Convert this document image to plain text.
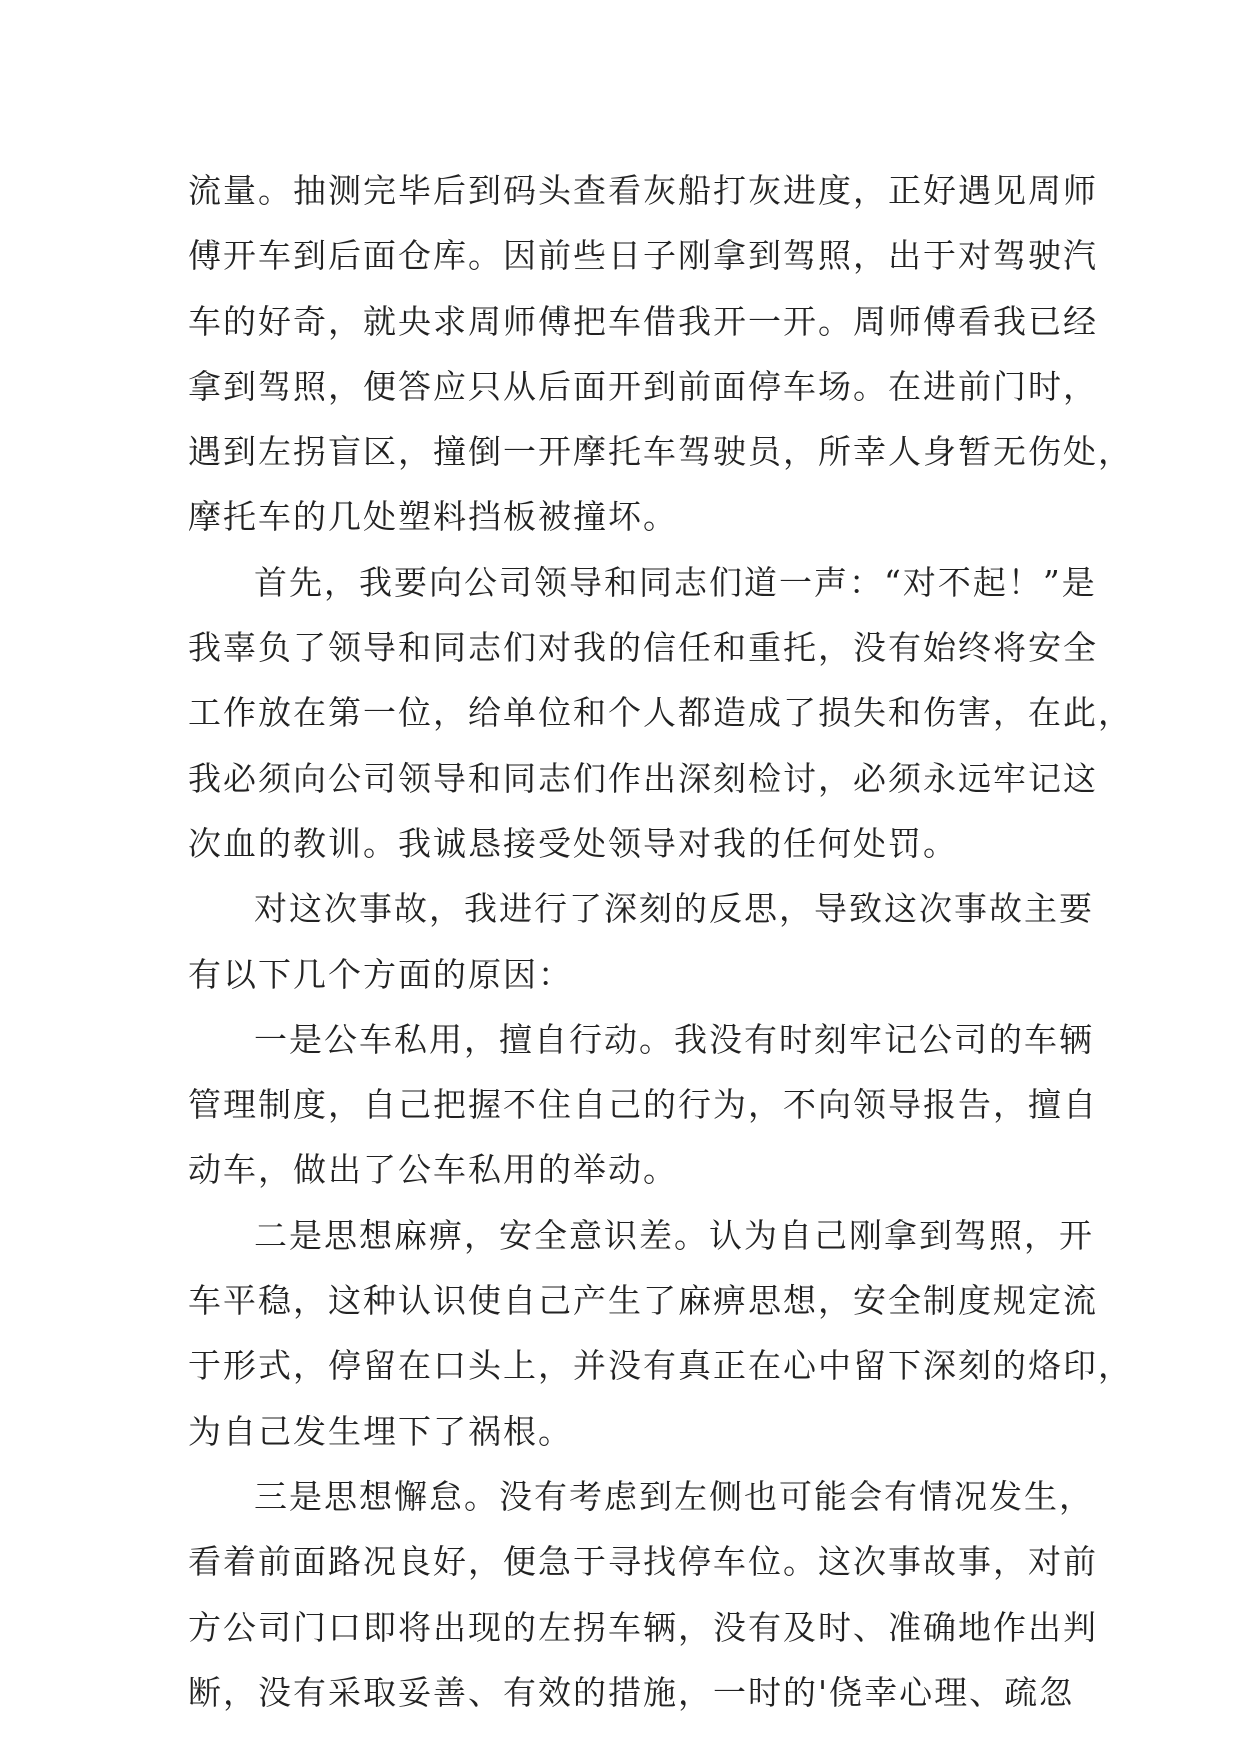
流量。抽测完毕后到码头查看灰船打灰进度，正好遇见周师
傅开车到后面仓库。因前些日子刚拿到驾照，出于对驾驶汽
车的好奇，就央求周师傅把车借我开一开。周师傅看我已经
拿到驾照，便答应只从后面开到前面停车场。在进前门时，
遇到左拐盲区，撞倒一开摩托车驾驶员，所幸人身暂无伤处，
摩托车的几处塑料挡板被撞坏。
首先，我要向公司领导和同志们道一声：“对不起！”是
我辜负了领导和同志们对我的信任和重托，没有始终将安全
工作放在第一位，给单位和个人都造成了损失和伤害，在此，
我必须向公司领导和同志们作出深刻检讨，必须永远牢记这
次血的教训。我诚恳接受处领导对我的任何处罚。
对这次事故，我进行了深刻的反思，导致这次事故主要
有以下几个方面的原因：
一是公车私用，擅自行动。我没有时刻牢记公司的车辆
管理制度，自己把握不住自己的行为，不向领导报告，擅自
动车，做出了公车私用的举动。
二是思想麻痹，安全意识差。认为自己刚拿到驾照，开
车平稳，这种认识使自己产生了麻痹思想，安全制度规定流
于形式，停留在口头上，并没有真正在心中留下深刻的烙印，
为自己发生埋下了祸根。
三是思想懈怠。没有考虑到左侧也可能会有情况发生，
看着前面路况良好，便急于寻找停车位。这次事故事，对前
方公司门口即将出现的左拐车辆，没有及时、准确地作出判
断，没有采取妥善、有效的措施，一时的'侥幸心理、疏忽
